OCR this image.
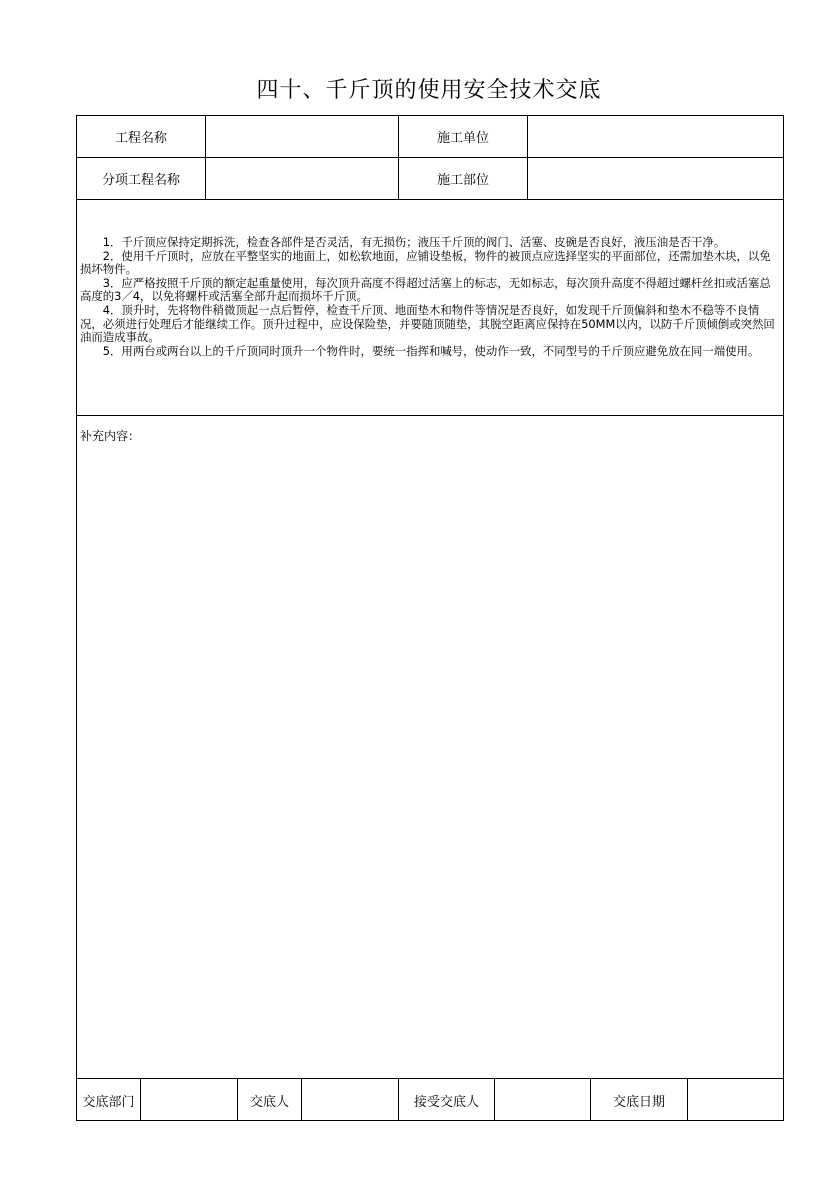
四十、千斤顶的使用安全技术交底
工程名称	施工单位
分项工程名称	施工部位

1．千斤顶应保持定期拆洗，检查各部件是否灵活，有无损伤；液压千斤顶的阀门、活塞、皮碗是否良好，液压油是否干净。

2．使用千斤顶时，应放在平整坚实的地面上，如松软地面，应铺设垫板，物件的被顶点应选择坚实的平面部位，还需加垫木块，以免损坏物件。

3．应严格按照千斤顶的额定起重量使用，每次顶升高度不得超过活塞上的标志，无如标志，每次顶升高度不得超过螺杆丝扣或活塞总高度的3／4，以免将螺杆或活塞全部升起而损坏千斤顶。

4．顶升时，先将物件稍微顶起一点后暂停，检查千斤顶、地面垫木和物件等情况是否良好，如发现千斤顶偏斜和垫木不稳等不良情况，必须进行处理后才能继续工作。顶升过程中，应设保险垫，并要随顶随垫，其脱空距离应保持在50MM以内，以防千斤顶倾倒或突然回油而造成事故。

5．用两台或两台以上的千斤顶同时顶升一个物件时，要统一指挥和喊号，使动作一致，不同型号的千斤顶应避免放在同一端使用。

补充内容：
交底部门	交底人	接受交底人	交底日期
